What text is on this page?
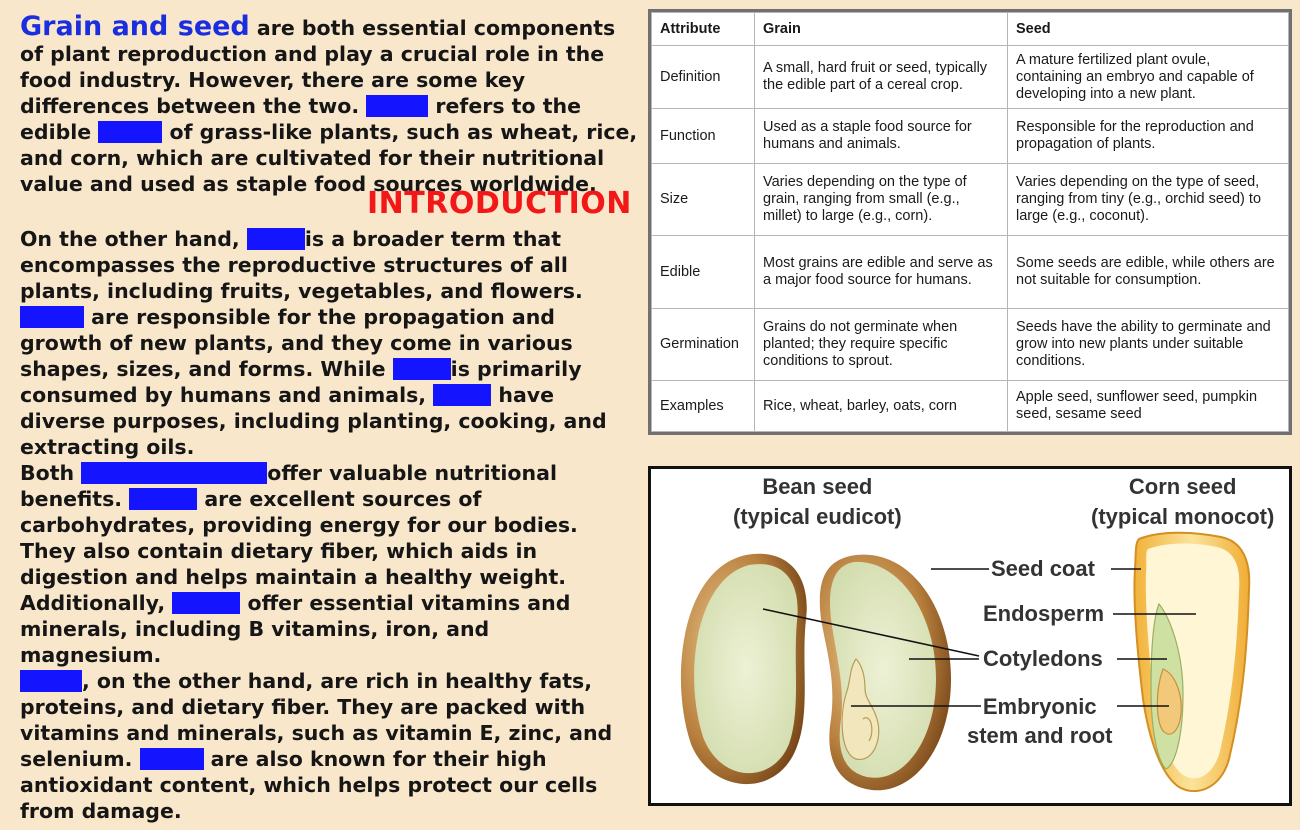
Grain and seed are both essential components of plant reproduction and play a crucial role in the food industry. However, there are some key differences between the two.	refers to the edible	of grass-like plants, such as wheat, rice, and corn, which are cultivated for their nutritional value and used as staple food sources worldwide.

INTRODUCTION

On the other hand,	is a broader term that encompasses the reproductive structures of all plants, including fruits, vegetables, and flowers.  are responsible for the propagation and growth of new plants, and they come in various shapes, sizes, and forms. While	is primarily consumed by humans and animals,	have diverse purposes, including planting, cooking, and extracting oils.

Both	offer valuable nutritional benefits.	are excellent sources of carbohydrates, providing energy for our bodies. They also contain dietary fiber, which aids in digestion and helps maintain a healthy weight. Additionally,	offer essential vitamins and minerals, including B vitamins, iron, and magnesium.

, on the other hand, are rich in healthy fats, proteins, and dietary fiber. They are packed with vitamins and minerals, such as vitamin E, zinc, and selenium.	are also known for their high antioxidant content, which helps protect our cells from damage.

Attribute	Grain	Seed
Definition	A small, hard fruit or seed, typically the edible part of a cereal crop.	A mature fertilized plant ovule, containing an embryo and capable of developing into a new plant.
Function	Used as a staple food source for humans and animals.	Responsible for the reproduction and propagation of plants.
Size	Varies depending on the type of grain, ranging from small (e.g., millet) to large (e.g., corn).	Varies depending on the type of seed, ranging from tiny (e.g., orchid seed) to large (e.g., coconut).
Edible	Most grains are edible and serve as a major food source for humans.	Some seeds are edible, while others are not suitable for consumption.
Germination	Grains do not germinate when planted; they require specific conditions to sprout.	Seeds have the ability to germinate and grow into new plants under suitable conditions.
Examples	Rice, wheat, barley, oats, corn	Apple seed, sunflower seed, pumpkin seed, sesame seed
Bean seed
(typical eudicot)
Corn seed
(typical monocot)
Seed coat
Endosperm
Cotyledons
Embryonic
stem and root
